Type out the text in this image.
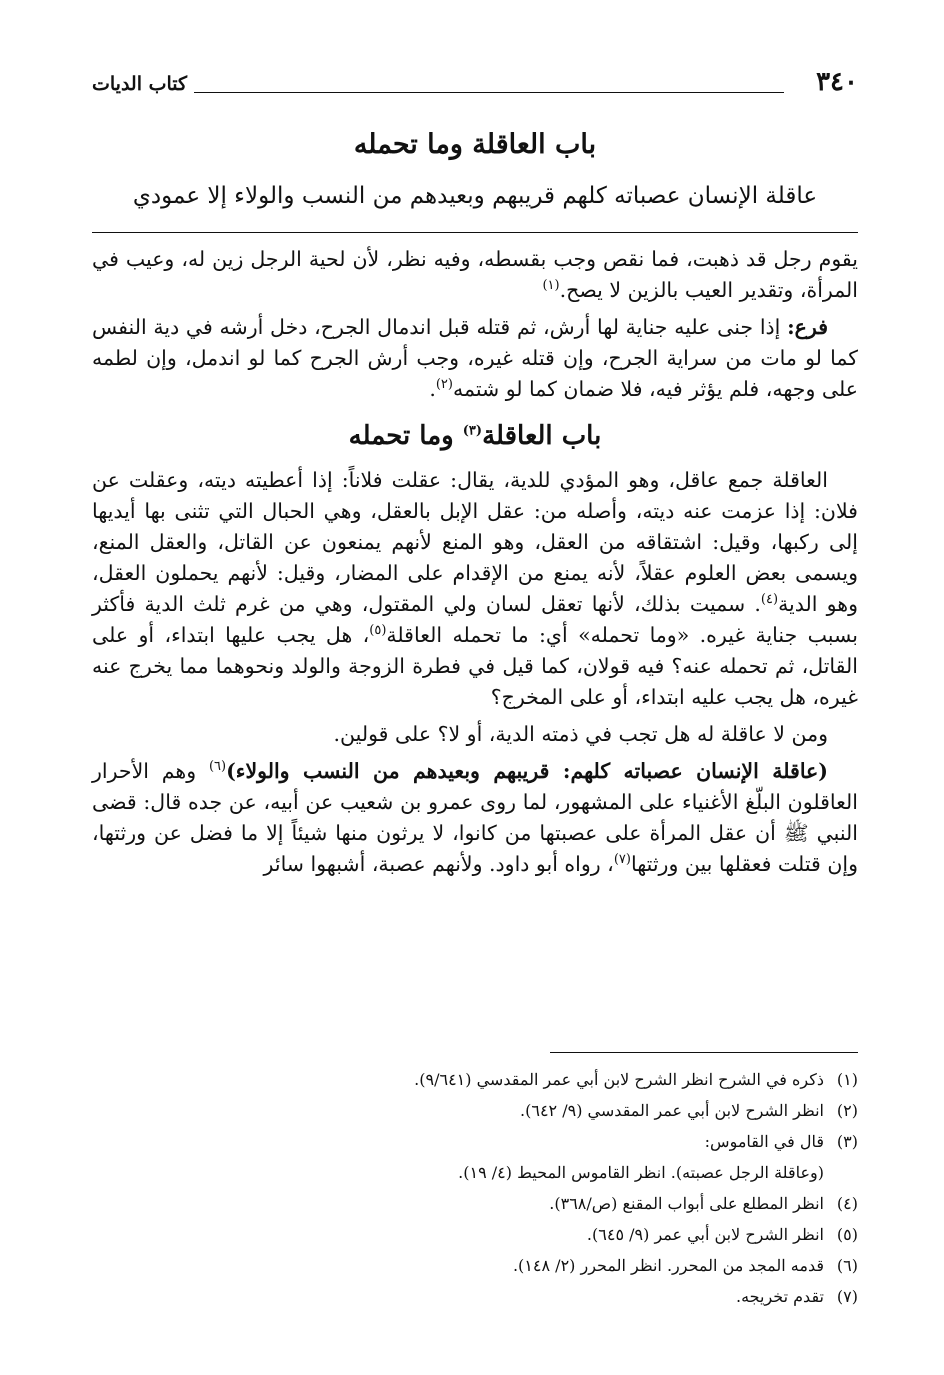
٣٤٠
كتاب الديات

باب العاقلة وما تحمله

عاقلة الإنسان عصباته كلهم قريبهم وبعيدهم من النسب والولاء إلا عمودي

يقوم رجل قد ذهبت، فما نقص وجب بقسطه، وفيه نظر، لأن لحية الرجل زين له، وعيب في المرأة، وتقدير العيب بالزين لا يصح.$^{(١)}$

فرع: إذا جنى عليه جناية لها أرش، ثم قتله قبل اندمال الجرح، دخل أرشه في دية النفس كما لو مات من سراية الجرح، وإن قتله غيره، وجب أرش الجرح كما لو اندمل، وإن لطمه على وجهه، فلم يؤثر فيه، فلا ضمان كما لو شتمه$^{(٢)}$.

باب العاقلة$^{(٣)}$ وما تحمله

العاقلة جمع عاقل، وهو المؤدي للدية، يقال: عقلت فلاناً: إذا أعطيته ديته، وعقلت عن فلان: إذا عزمت عنه ديته، وأصله من: عقل الإبل بالعقل، وهي الحبال التي تثنى بها أيديها إلى ركبها، وقيل: اشتقاقه من العقل، وهو المنع لأنهم يمنعون عن القاتل، والعقل المنع، ويسمى بعض العلوم عقلاً، لأنه يمنع من الإقدام على المضار، وقيل: لأنهم يحملون العقل، وهو الدية$^{(٤)}$. سميت بذلك، لأنها تعقل لسان ولي المقتول، وهي من غرم ثلث الدية فأكثر بسبب جناية غيره. «وما تحمله» أي: ما تحمله العاقلة$^{(٥)}$، هل يجب عليها ابتداء، أو على القاتل، ثم تحمله عنه؟ فيه قولان، كما قيل في فطرة الزوجة والولد ونحوهما مما يخرج عنه غيره، هل يجب عليه ابتداء، أو على المخرج؟

ومن لا عاقلة له هل تجب في ذمته الدية، أو لا؟ على قولين.

(عاقلة الإنسان عصباته كلهم: قريبهم وبعيدهم من النسب والولاء)$^{(٦)}$ وهم الأحرار العاقلون البلّغ الأغنياء على المشهور، لما روى عمرو بن شعيب عن أبيه، عن جده قال: قضى النبي ﷺ أن عقل المرأة على عصبتها من كانوا، لا يرثون منها شيئاً إلا ما فضل عن ورثتها، وإن قتلت فعقلها بين ورثتها$^{(٧)}$، رواه أبو داود. ولأنهم عصبة، أشبهوا سائر

(١)ذكره في الشرح انظر الشرح لابن أبي عمر المقدسي (٩/٦٤١).
(٢)انظر الشرح لابن أبي عمر المقدسي (٩/ ٦٤٢).
(٣)قال في القاموس:
(وعاقلة الرجل عصبته). انظر القاموس المحيط (٤/ ١٩).
(٤)انظر المطلع على أبواب المقنع (ص/٣٦٨).
(٥)انظر الشرح لابن أبي عمر (٩/ ٦٤٥).
(٦)قدمه المجد من المحرر. انظر المحرر (٢/ ١٤٨).
(٧)تقدم تخريجه.
